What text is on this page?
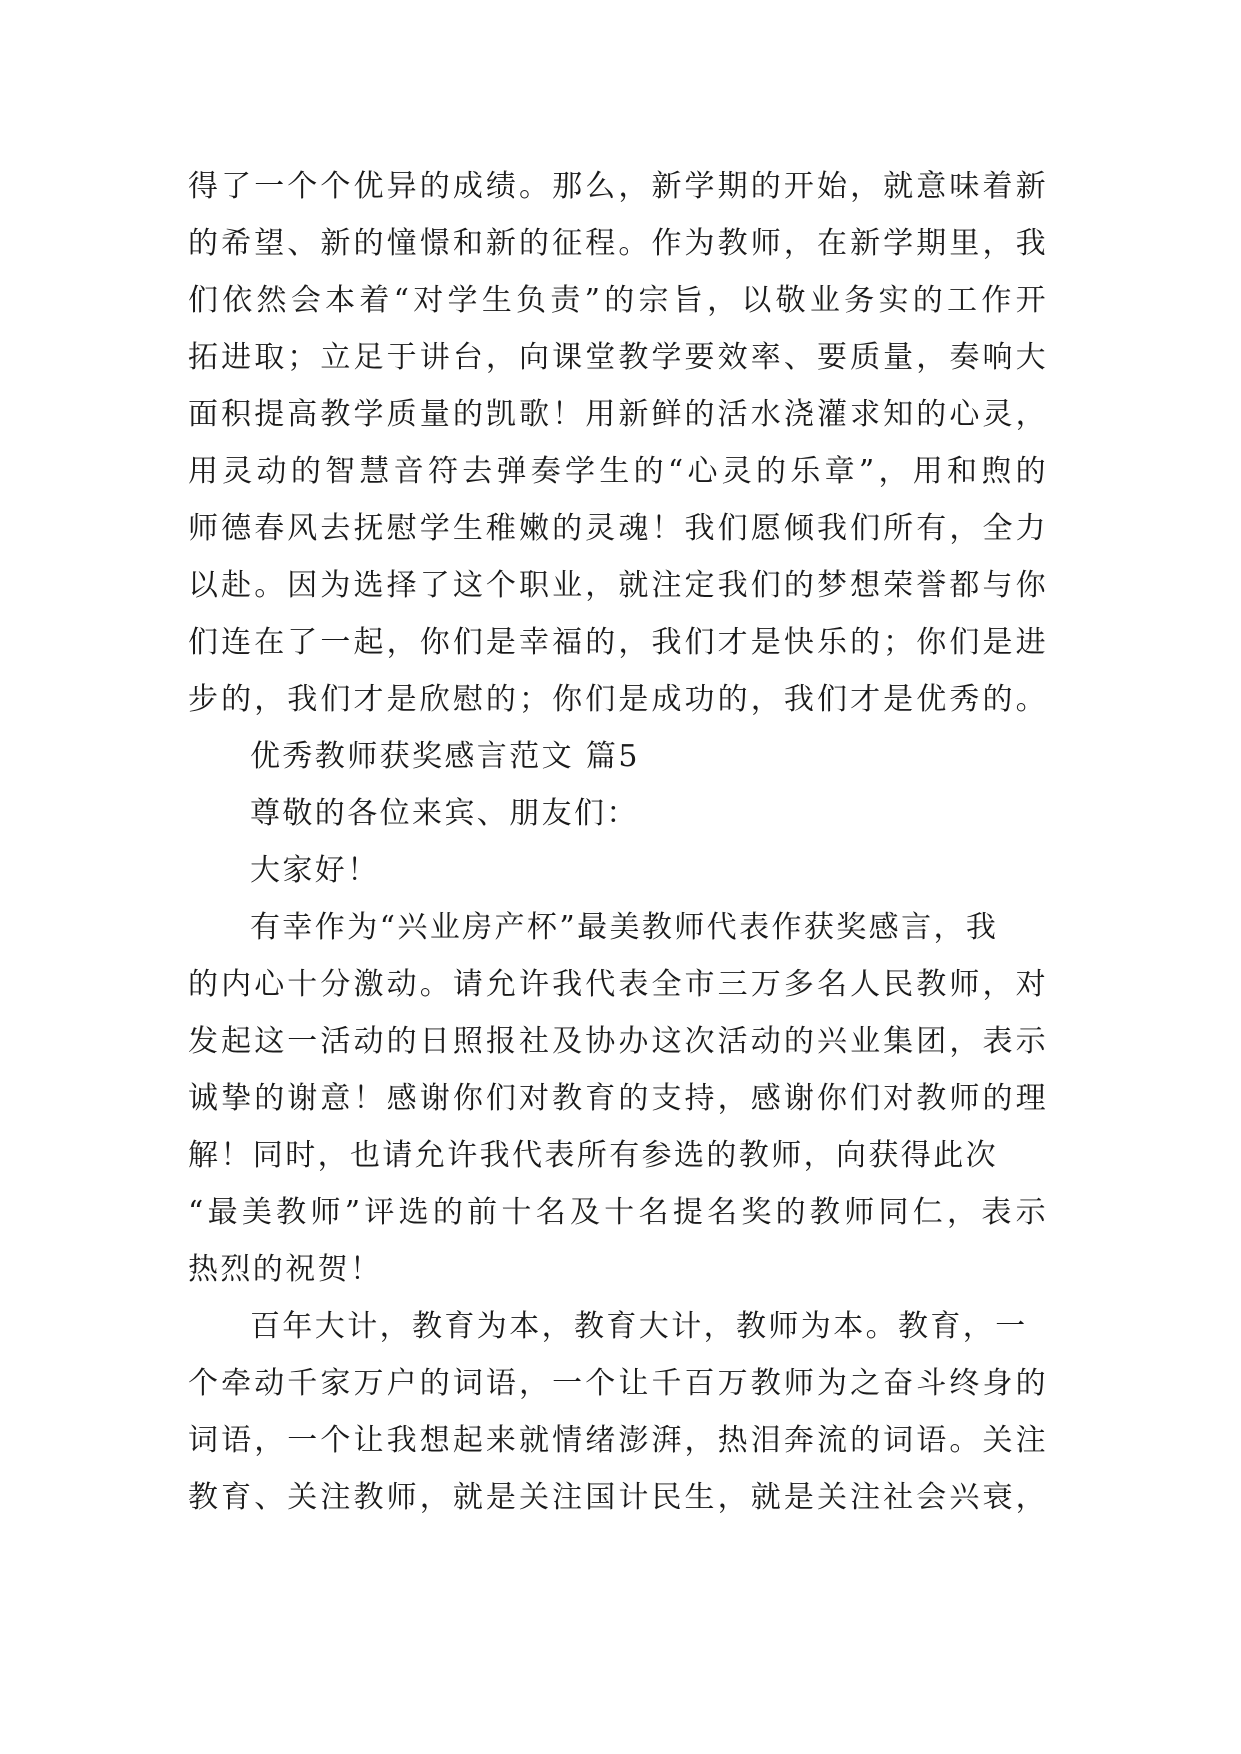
得了一个个优异的成绩。那么，新学期的开始，就意味着新
的希望、新的憧憬和新的征程。作为教师，在新学期里，我
们依然会本着“对学生负责”的宗旨，以敬业务实的工作开
拓进取；立足于讲台，向课堂教学要效率、要质量，奏响大
面积提高教学质量的凯歌！用新鲜的活水浇灌求知的心灵，
用灵动的智慧音符去弹奏学生的“心灵的乐章”，用和煦的
师德春风去抚慰学生稚嫩的灵魂！我们愿倾我们所有，全力
以赴。因为选择了这个职业，就注定我们的梦想荣誉都与你
们连在了一起，你们是幸福的，我们才是快乐的；你们是进
步的，我们才是欣慰的；你们是成功的，我们才是优秀的。
优秀教师获奖感言范文 篇5
尊敬的各位来宾、朋友们：
大家好！
有幸作为“兴业房产杯”最美教师代表作获奖感言，我
的内心十分激动。请允许我代表全市三万多名人民教师，对
发起这一活动的日照报社及协办这次活动的兴业集团，表示
诚挚的谢意！感谢你们对教育的支持，感谢你们对教师的理
解！同时，也请允许我代表所有参选的教师，向获得此次
“最美教师”评选的前十名及十名提名奖的教师同仁，表示
热烈的祝贺！
百年大计，教育为本，教育大计，教师为本。教育，一
个牵动千家万户的词语，一个让千百万教师为之奋斗终身的
词语，一个让我想起来就情绪澎湃，热泪奔流的词语。关注
教育、关注教师，就是关注国计民生，就是关注社会兴衰，
